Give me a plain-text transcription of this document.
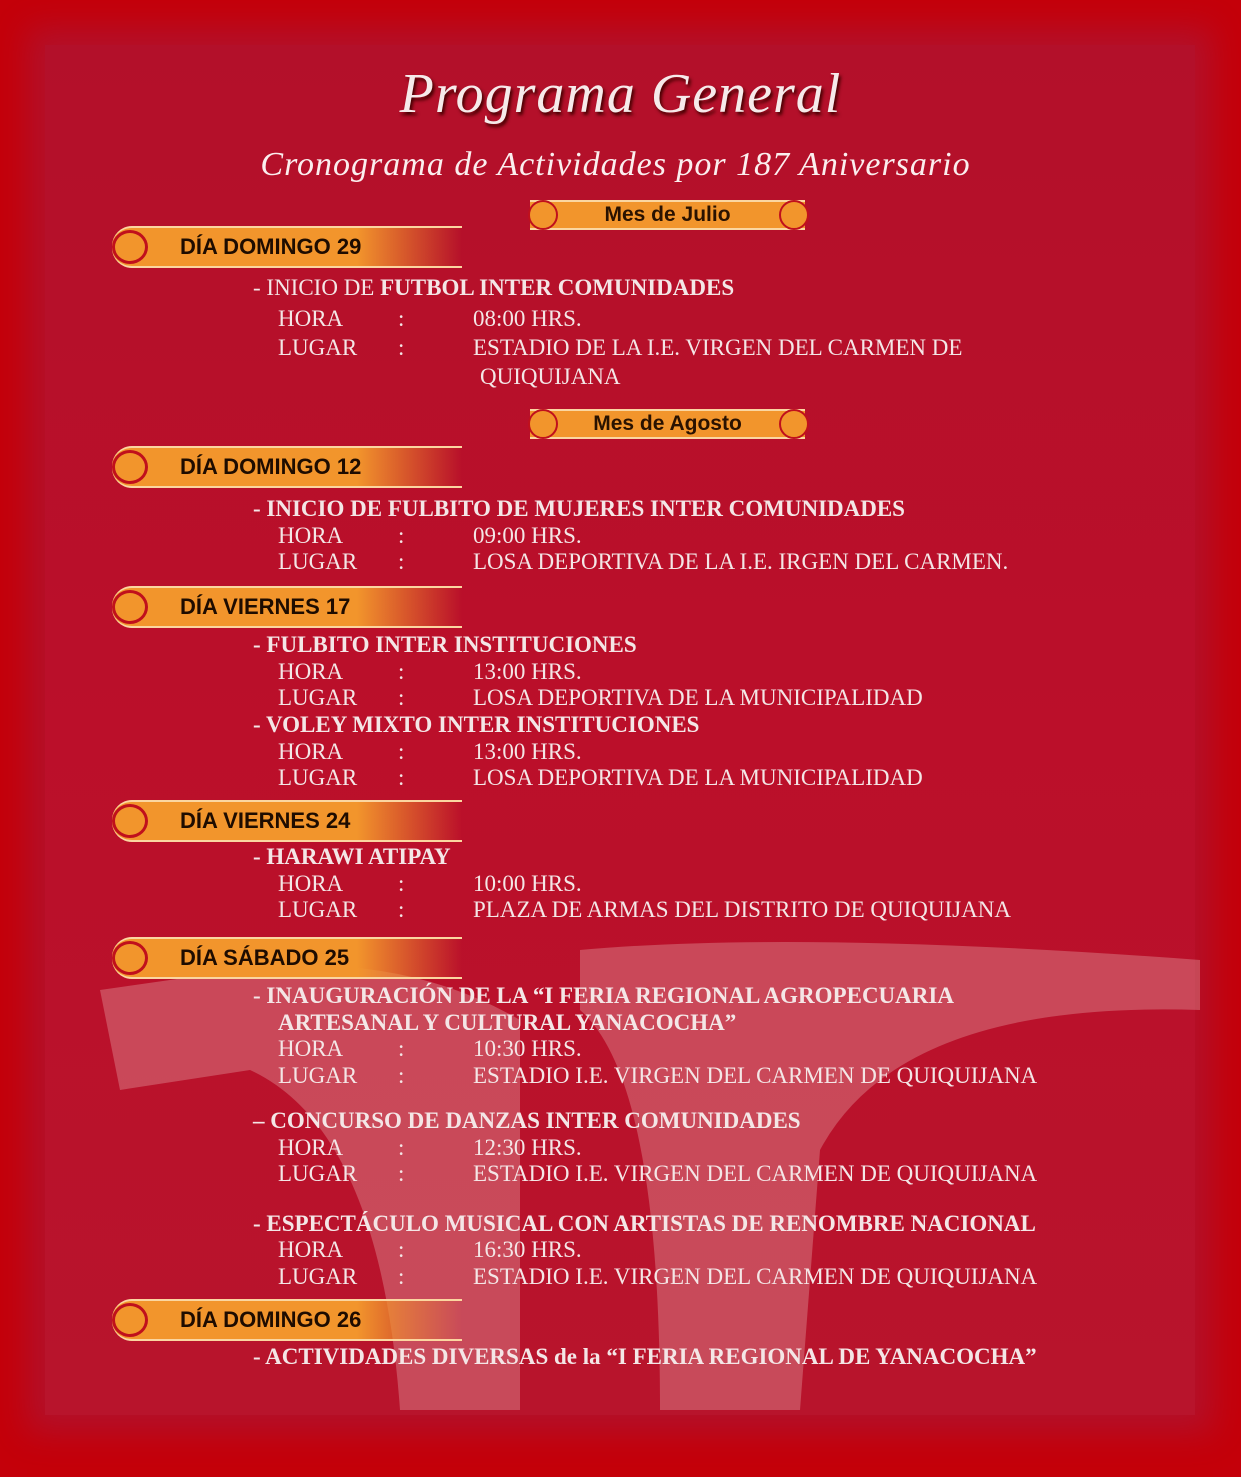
Programa General
Cronograma de Actividades por 187 Aniversario
Mes de Julio
DÍA DOMINGO 29
- INICIO DE FUTBOL INTER COMUNIDADES
HORA :	08:00 HRS.
LUGAR :	ESTADIO DE LA I.E. VIRGEN DEL CARMEN DE
QUIQUIJANA
Mes de Agosto
DÍA DOMINGO 12
- INICIO DE FULBITO DE MUJERES INTER COMUNIDADES
HORA :	09:00 HRS.
LUGAR :	LOSA DEPORTIVA DE LA I.E. IRGEN DEL CARMEN.
DÍA VIERNES 17
- FULBITO INTER INSTITUCIONES
HORA :	13:00 HRS.
LUGAR :	LOSA DEPORTIVA DE LA MUNICIPALIDAD
- VOLEY MIXTO INTER INSTITUCIONES
HORA :	13:00 HRS.
LUGAR :	LOSA DEPORTIVA DE LA MUNICIPALIDAD
DÍA VIERNES 24
- HARAWI ATIPAY
HORA :	10:00 HRS.
LUGAR :	PLAZA DE ARMAS DEL DISTRITO DE QUIQUIJANA
DÍA SÁBADO 25
- INAUGURACIÓN DE LA “I FERIA REGIONAL AGROPECUARIA
ARTESANAL Y CULTURAL YANACOCHA”
HORA :	10:30 HRS.
LUGAR :	ESTADIO I.E. VIRGEN DEL CARMEN DE QUIQUIJANA
– CONCURSO DE DANZAS INTER COMUNIDADES
HORA :	12:30 HRS.
LUGAR :	ESTADIO I.E. VIRGEN DEL CARMEN DE QUIQUIJANA
- ESPECTÁCULO MUSICAL CON ARTISTAS DE RENOMBRE NACIONAL
HORA :	16:30 HRS.
LUGAR :	ESTADIO I.E. VIRGEN DEL CARMEN DE QUIQUIJANA
DÍA DOMINGO 26
- ACTIVIDADES DIVERSAS de la “I FERIA REGIONAL DE YANACOCHA”
